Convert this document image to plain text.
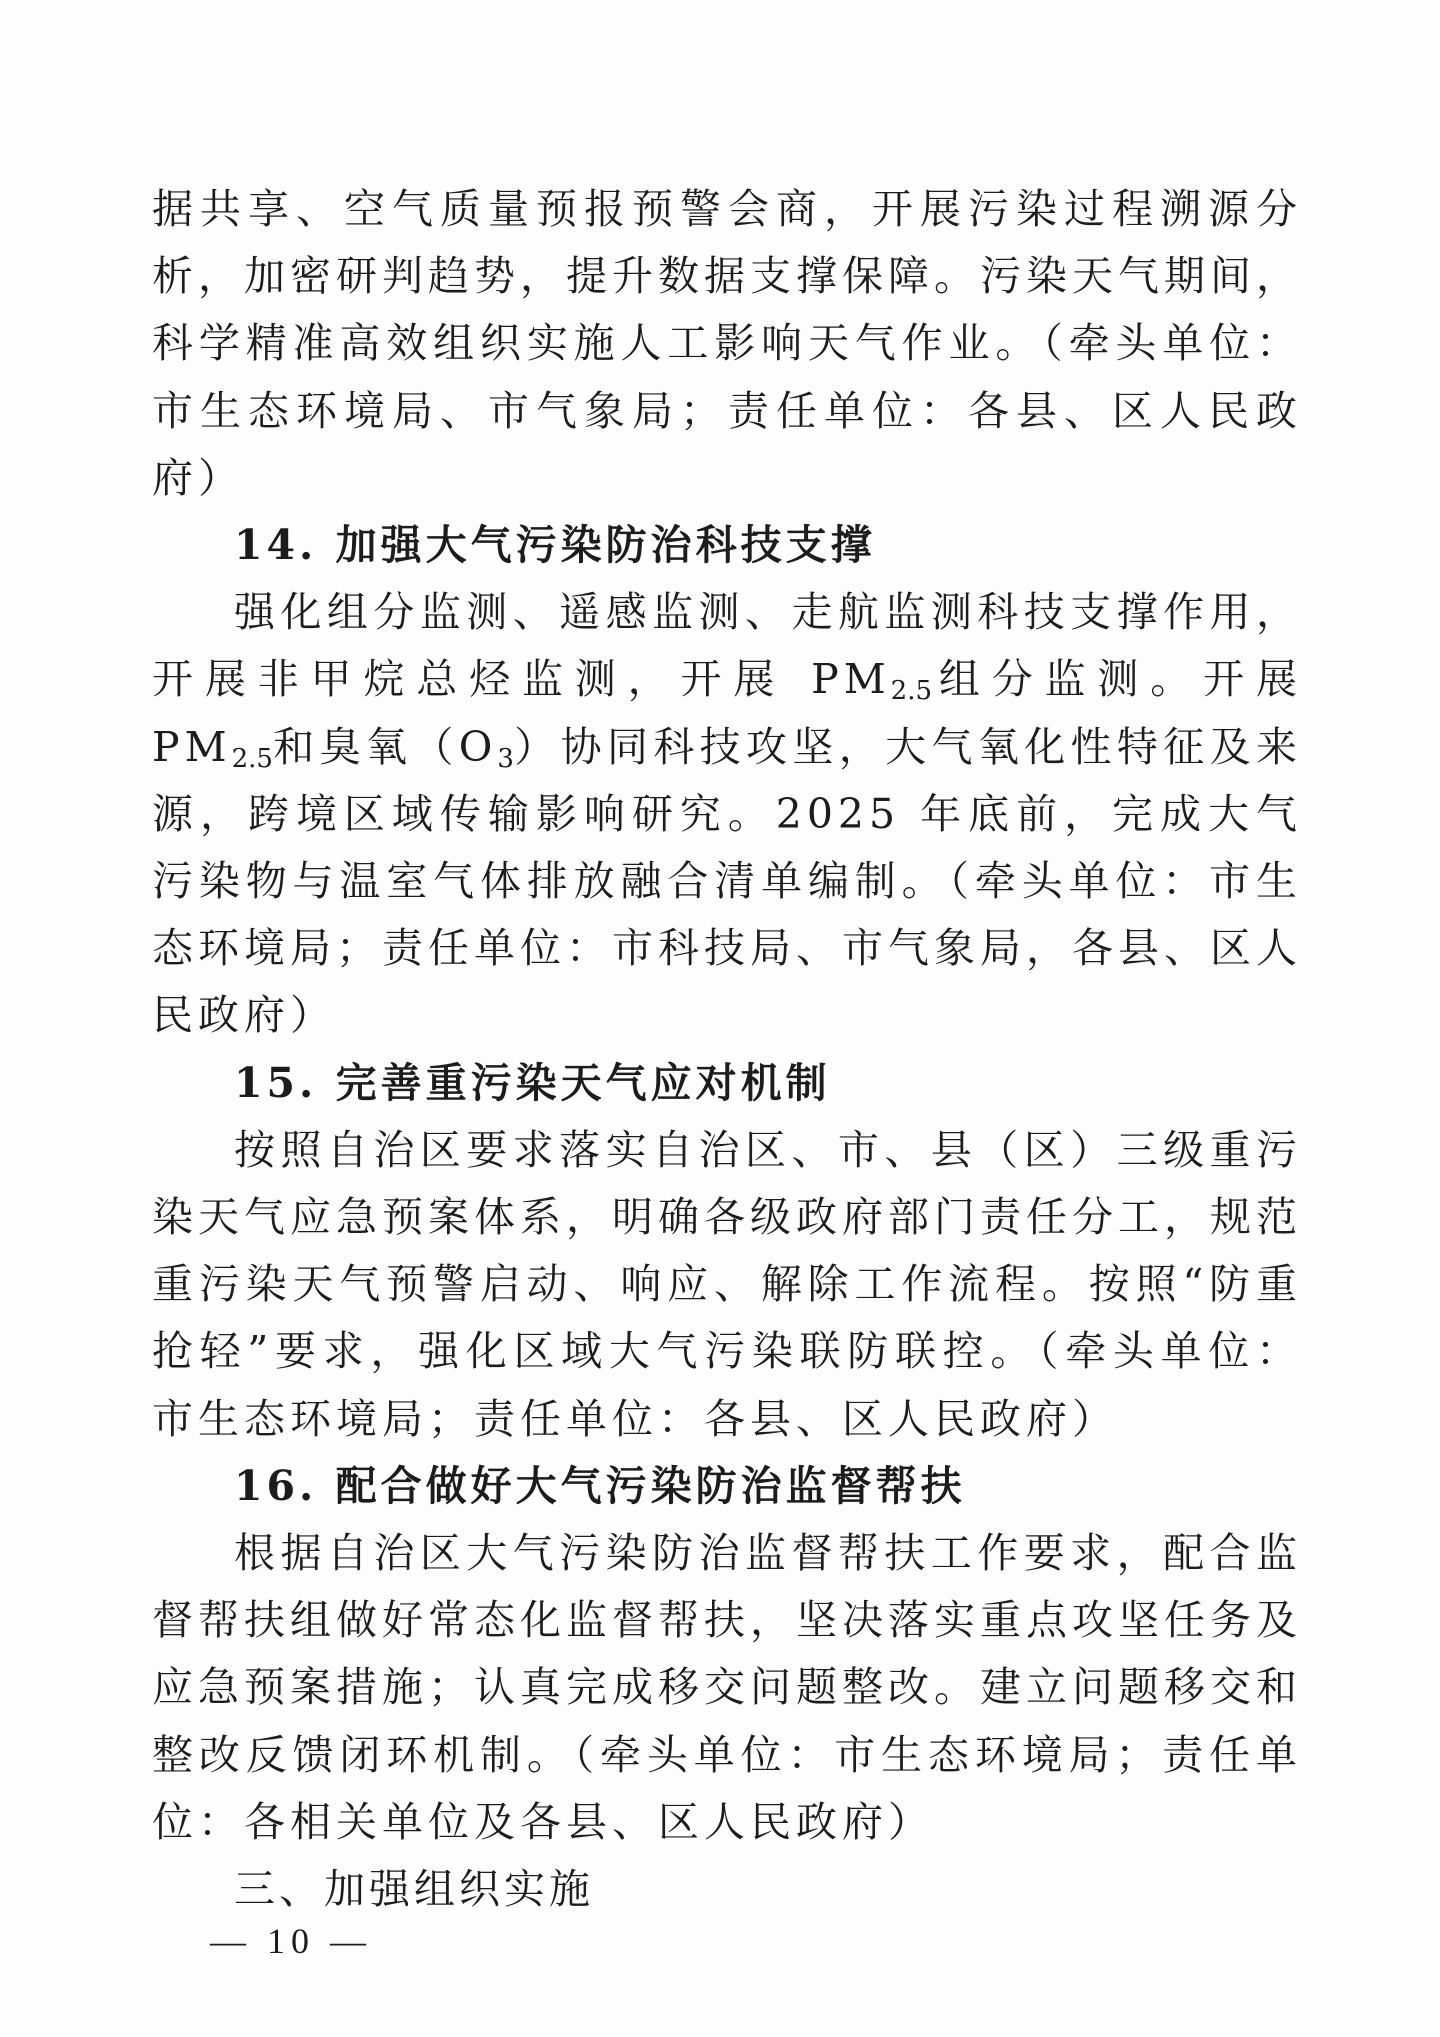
据共享、空气质量预报预警会商，开展污染过程溯源分析，加密研判趋势，提升数据支撑保障。污染天气期间，科学精准高效组织实施人工影响天气作业。（牵头单位：市生态环境局、市气象局；责任单位：各县、区人民政府）

14. 加强大气污染防治科技支撑

强化组分监测、遥感监测、走航监测科技支撑作用，开展非甲烷总烃监测，开展 $PM_{2.5}$组分监测。开展 $PM_{2.5}$和臭氧$(O_3)$协同科技攻坚，大气氧化性特征及来源，跨境区域传输影响研究。2025 年底前，完成大气污染物与温室气体排放融合清单编制。（牵头单位：市生态环境局；责任单位：市科技局、市气象局，各县、区人民政府）

15. 完善重污染天气应对机制

按照自治区要求落实自治区、市、县（区）三级重污染天气应急预案体系，明确各级政府部门责任分工，规范重污染天气预警启动、响应、解除工作流程。按照“防重抢轻”要求，强化区域大气污染联防联控。（牵头单位：市生态环境局；责任单位：各县、区人民政府）

16. 配合做好大气污染防治监督帮扶

根据自治区大气污染防治监督帮扶工作要求，配合监督帮扶组做好常态化监督帮扶，坚决落实重点攻坚任务及应急预案措施；认真完成移交问题整改。建立问题移交和整改反馈闭环机制。（牵头单位：市生态环境局；责任单位：各相关单位及各县、区人民政府）

三、加强组织实施

— 10 —
